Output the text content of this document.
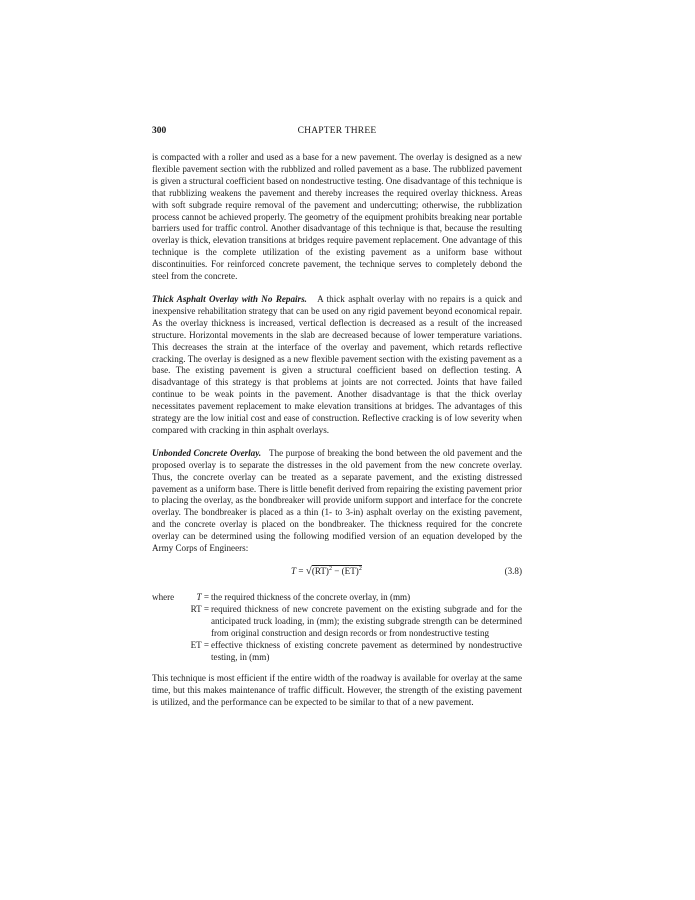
300	CHAPTER THREE

is compacted with a roller and used as a base for a new pavement. The overlay is designed as a new flexible pavement section with the rubblized and rolled pavement as a base. The rubblized pavement is given a structural coefficient based on nondestructive testing. One disadvantage of this technique is that rubblizing weakens the pavement and thereby increases the required overlay thickness. Areas with soft subgrade require removal of the pavement and undercutting; otherwise, the rubblization process cannot be achieved properly. The geometry of the equipment prohibits breaking near portable barriers used for traffic control. Another disadvantage of this technique is that, because the resulting overlay is thick, elevation transitions at bridges require pavement replacement. One advantage of this technique is the complete utilization of the existing pavement as a uniform base without discontinuities. For reinforced concrete pavement, the technique serves to completely debond the steel from the concrete.

Thick Asphalt Overlay with No Repairs. A thick asphalt overlay with no repairs is a quick and inexpensive rehabilitation strategy that can be used on any rigid pavement beyond economical repair. As the overlay thickness is increased, vertical deflection is decreased as a result of the increased structure. Horizontal movements in the slab are decreased because of lower temperature variations. This decreases the strain at the interface of the overlay and pavement, which retards reflective cracking. The overlay is designed as a new flexible pavement section with the existing pavement as a base. The existing pavement is given a structural coefficient based on deflection testing. A disadvantage of this strategy is that problems at joints are not corrected. Joints that have failed continue to be weak points in the pavement. Another disadvantage is that the thick overlay necessitates pavement replacement to make elevation transitions at bridges. The advantages of this strategy are the low initial cost and ease of construction. Reflective cracking is of low severity when compared with cracking in thin asphalt overlays.

Unbonded Concrete Overlay. The purpose of breaking the bond between the old pavement and the proposed overlay is to separate the distresses in the old pavement from the new concrete overlay. Thus, the concrete overlay can be treated as a separate pavement, and the existing distressed pavement as a uniform base. There is little benefit derived from repairing the existing pavement prior to placing the overlay, as the bondbreaker will provide uniform support and interface for the concrete overlay. The bondbreaker is placed as a thin (1- to 3-in) asphalt overlay on the existing pavement, and the concrete overlay is placed on the bondbreaker. The thickness required for the concrete overlay can be determined using the following modified version of an equation developed by the Army Corps of Engineers:

T = √(RT)$^2$ − (ET)$^2$	(3.8)
where T = the required thickness of the concrete overlay, in (mm)
RT = required thickness of new concrete pavement on the existing subgrade and for the anticipated truck loading, in (mm); the existing subgrade strength can be determined from original construction and design records or from nondestructive testing
ET = effective thickness of existing concrete pavement as determined by nondestructive testing, in (mm)

This technique is most efficient if the entire width of the roadway is available for overlay at the same time, but this makes maintenance of traffic difficult. However, the strength of the existing pavement is utilized, and the performance can be expected to be similar to that of a new pavement.
